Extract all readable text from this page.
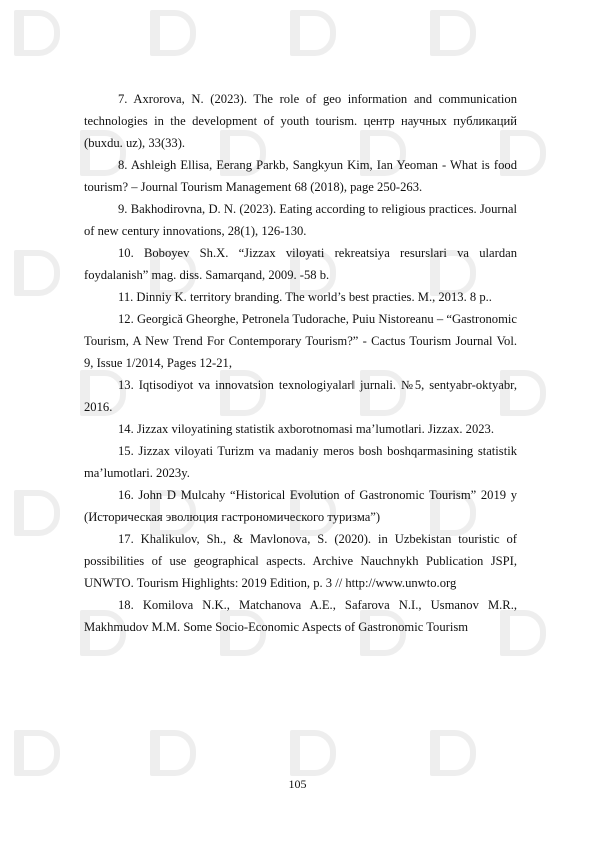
7. Axrorova, N. (2023). The role of geo information and communication technologies in the development of youth tourism. центр научных публикаций (buxdu. uz), 33(33).

8. Ashleigh Ellisa, Eerang Parkb, Sangkyun Kim, Ian Yeoman - What is food tourism? – Journal Tourism Management 68 (2018), page 250-263.

9. Bakhodirovna, D. N. (2023). Eating according to religious practices. Journal of new century innovations, 28(1), 126-130.

10. Boboyev Sh.X. “Jizzax viloyati rekreatsiya resurslari va ulardan foydalanish” mag. diss. Samarqand, 2009. -58 b.

11. Dinniy K. territory branding. The world’s best practies. M., 2013. 8 p..

12. Georgică Gheorghe, Petronela Tudorache, Puiu Nistoreanu – “Gastronomic Tourism, A New Trend For Contemporary Tourism?” - Cactus Tourism Journal Vol. 9, Issue 1/2014, Pages 12-21,

13. Iqtisodiyot va innovatsion texnologiyalar‖ jurnali. №5, sentyabr-oktyabr, 2016.

14. Jizzax viloyatining statistik axborotnomasi ma’lumotlari. Jizzax. 2023.

15. Jizzax viloyati Turizm va madaniy meros bosh boshqarmasining statistik ma’lumotlari. 2023y.

16. John D Mulcahy “Historical Evolution of Gastronomic Tourism” 2019 y (Историческая эволюция гастрономического туризма”)

17. Khalikulov, Sh., & Mavlonova, S. (2020). in Uzbekistan touristic of possibilities of use geographical aspects. Archive Nauchnykh Publication JSPI, UNWTO. Tourism Highlights: 2019 Edition, p. 3 // http://www.unwto.org

18. Komilova N.K., Matchanova A.E., Safarova N.I., Usmanov M.R., Makhmudov M.M. Some Socio-Economic Aspects of Gastronomic Tourism

105
